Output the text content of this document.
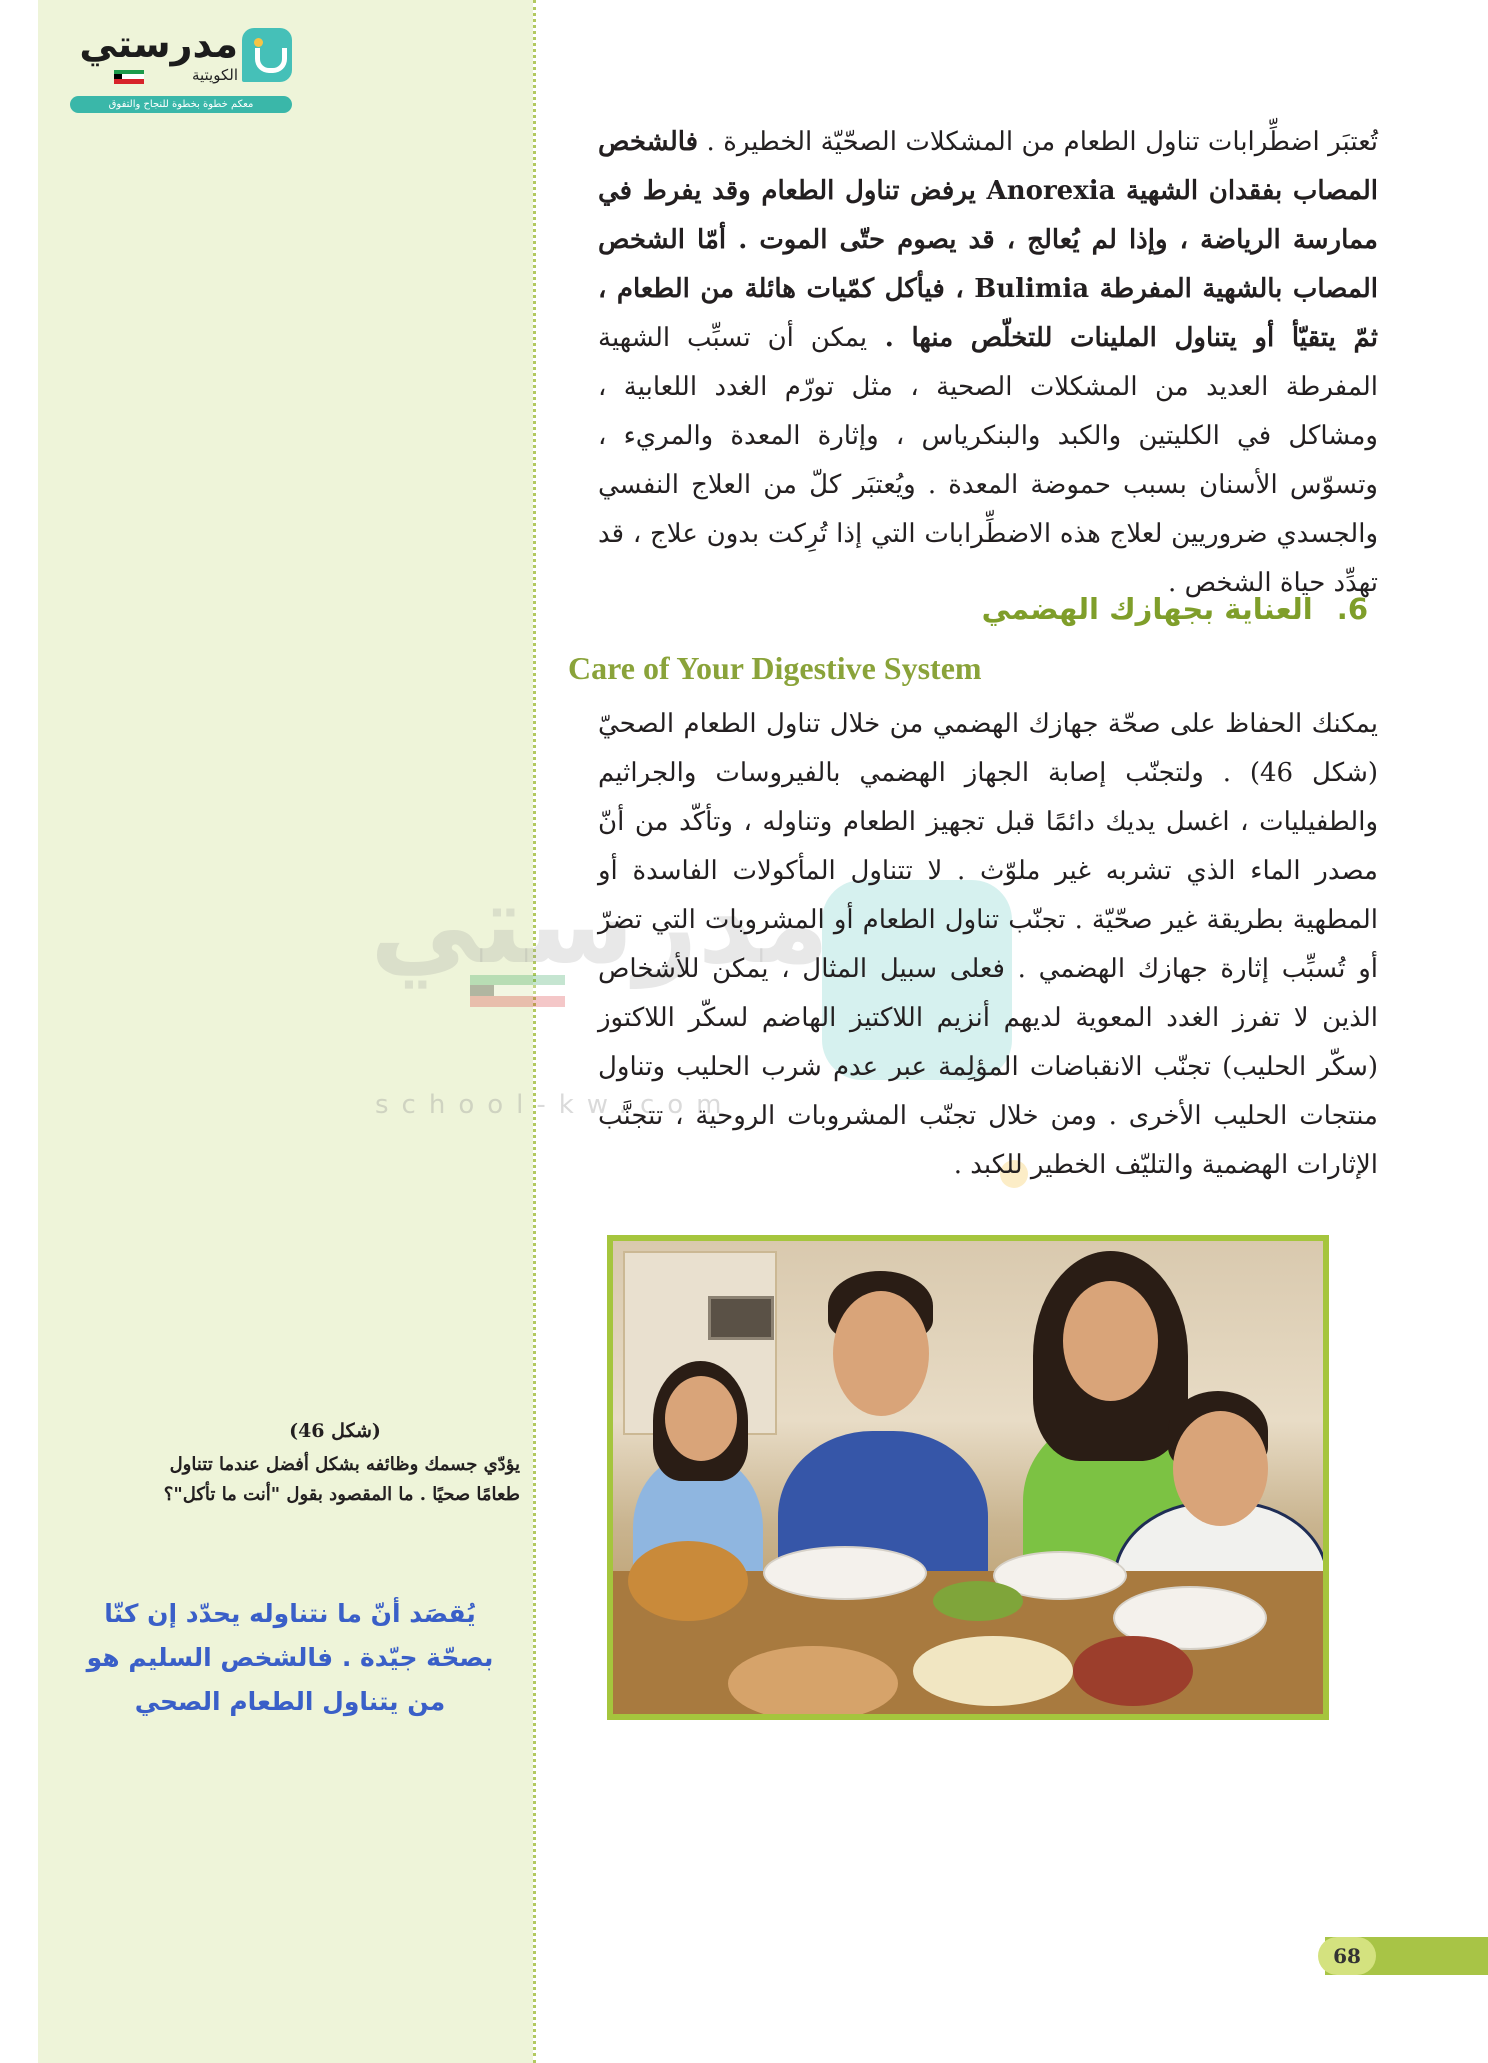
مدرستي
الكويتية
معكم خطوة بخطوة للنجاح والتفوق
مدرستي
school-kw.com

تُعتبَر اضطِّرابات تناول الطعام من المشكلات الصحّيّة الخطيرة . فالشخص المصاب بفقدان الشهية Anorexia يرفض تناول الطعام وقد يفرط في ممارسة الرياضة ، وإذا لم يُعالج ، قد يصوم حتّى الموت . أمّا الشخص المصاب بالشهية المفرطة Bulimia ، فيأكل كمّيات هائلة من الطعام ، ثمّ يتقيّأ أو يتناول الملينات للتخلّص منها . يمكن أن تسبِّب الشهية المفرطة العديد من المشكلات الصحية ، مثل تورّم الغدد اللعابية ، ومشاكل في الكليتين والكبد والبنكرياس ، وإثارة المعدة والمريء ، وتسوّس الأسنان بسبب حموضة المعدة . ويُعتبَر كلّ من العلاج النفسي والجسدي ضروريين لعلاج هذه الاضطِّرابات التي إذا تُرِكت بدون علاج ، قد تهدِّد حياة الشخص .

6. العناية بجهازك الهضمي
Care of Your Digestive System

يمكنك الحفاظ على صحّة جهازك الهضمي من خلال تناول الطعام الصحيّ (شكل 46) . ولتجنّب إصابة الجهاز الهضمي بالفيروسات والجراثيم والطفيليات ، اغسل يديك دائمًا قبل تجهيز الطعام وتناوله ، وتأكّد من أنّ مصدر الماء الذي تشربه غير ملوّث . لا تتناول المأكولات الفاسدة أو المطهية بطريقة غير صحّيّة . تجنّب تناول الطعام أو المشروبات التي تضرّ أو تُسبِّب إثارة جهازك الهضمي . فعلى سبيل المثال ، يمكن للأشخاص الذين لا تفرز الغدد المعوية لديهم أنزيم اللاكتيز الهاضم لسكّر اللاكتوز (سكّر الحليب) تجنّب الانقباضات المؤلِمة عبر عدم شرب الحليب وتناول منتجات الحليب الأخرى . ومن خلال تجنّب المشروبات الروحية ، تتجنَّب الإثارات الهضمية والتليّف الخطير للكبد .

(شكل 46)
يؤدّي جسمك وظائفه بشكل أفضل عندما تتناول طعامًا صحيًا . ما المقصود بقول "أنت ما تأكل"؟
يُقصَد أنّ ما نتناوله يحدّد إن كنّا بصحّة جيّدة . فالشخص السليم هو من يتناول الطعام الصحي
68
